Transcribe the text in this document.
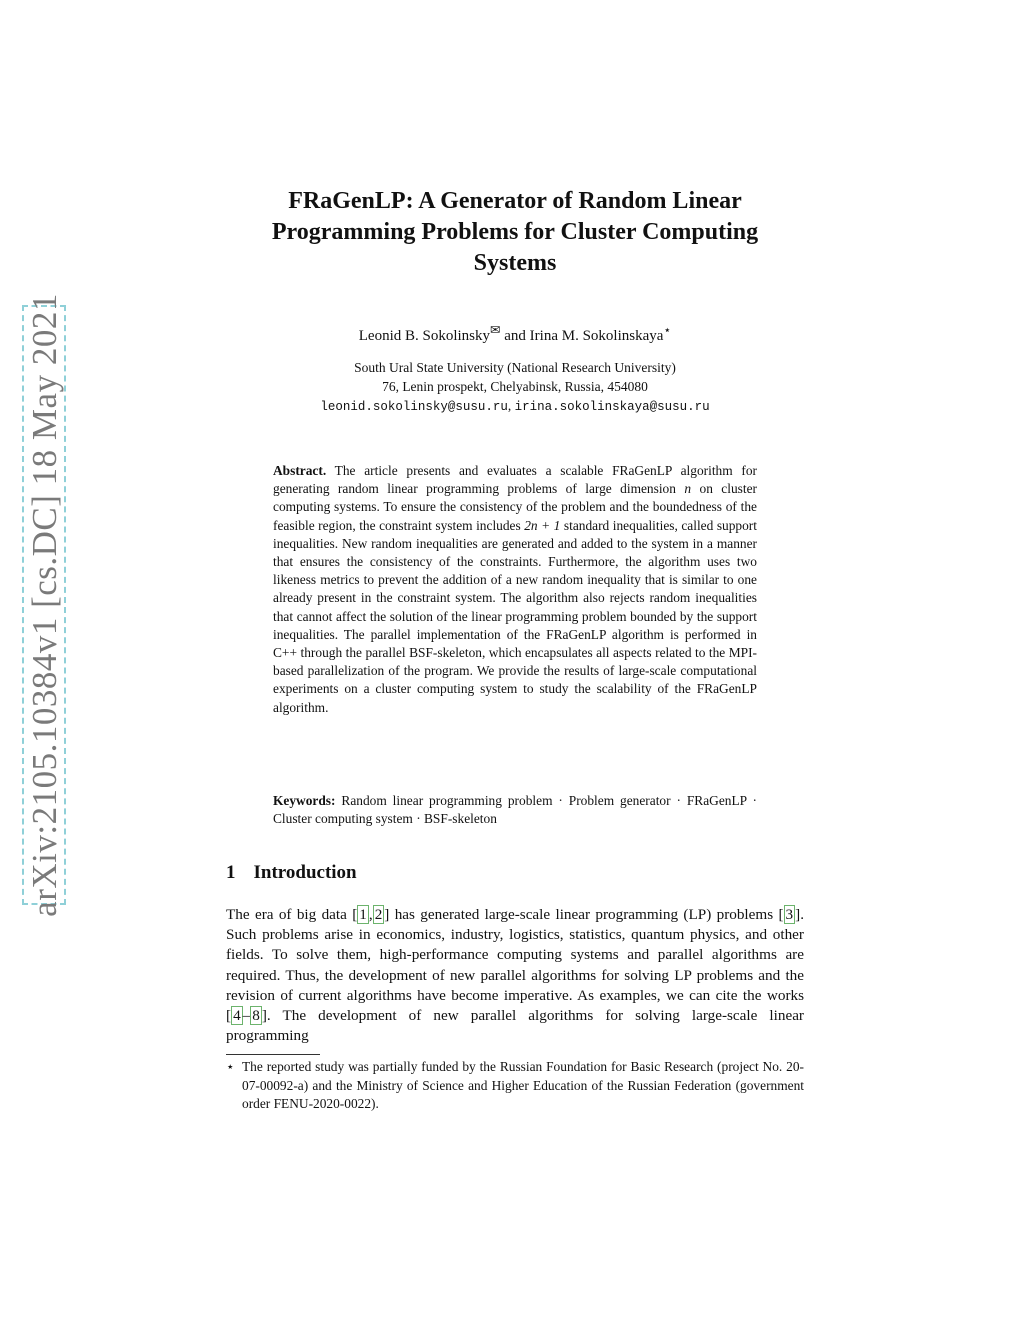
arXiv:2105.10384v1 [cs.DC] 18 May 2021
FRaGenLP: A Generator of Random Linear
Programming Problems for Cluster Computing
Systems
Leonid B. Sokolinsky✉ and Irina M. Sokolinskaya⋆
South Ural State University (National Research University)
76, Lenin prospekt, Chelyabinsk, Russia, 454080
leonid.sokolinsky@susu.ru, irina.sokolinskaya@susu.ru
Abstract. The article presents and evaluates a scalable FRaGenLP algorithm for generating random linear programming problems of large dimension n on cluster computing systems. To ensure the consistency of the problem and the boundedness of the feasible region, the constraint system includes 2n + 1 standard inequalities, called support inequalities. New random inequalities are generated and added to the system in a manner that ensures the consistency of the constraints. Furthermore, the algorithm uses two likeness metrics to prevent the addition of a new random inequality that is similar to one already present in the constraint system. The algorithm also rejects random inequalities that cannot affect the solution of the linear programming problem bounded by the support inequalities. The parallel implementation of the FRaGenLP algorithm is performed in C++ through the parallel BSF-skeleton, which encapsulates all aspects related to the MPI-based parallelization of the program. We provide the results of large-scale computational experiments on a cluster computing system to study the scalability of the FRaGenLP algorithm.
Keywords: Random linear programming problem · Problem generator · FRaGenLP · Cluster computing system · BSF-skeleton
1 Introduction
The era of big data [ 1 , 2 ] has generated large-scale linear programming (LP) problems [ 3 ]. Such problems arise in economics, industry, logistics, statistics, quantum physics, and other fields. To solve them, high-performance computing systems and parallel algorithms are required. Thus, the development of new parallel algorithms for solving LP problems and the revision of current algorithms have become imperative. As examples, we can cite the works [ 4 – 8 ]. The development of new parallel algorithms for solving large-scale linear programming
⋆ The reported study was partially funded by the Russian Foundation for Basic Research (project No. 20-07-00092-a) and the Ministry of Science and Higher Education of the Russian Federation (government order FENU-2020-0022).
